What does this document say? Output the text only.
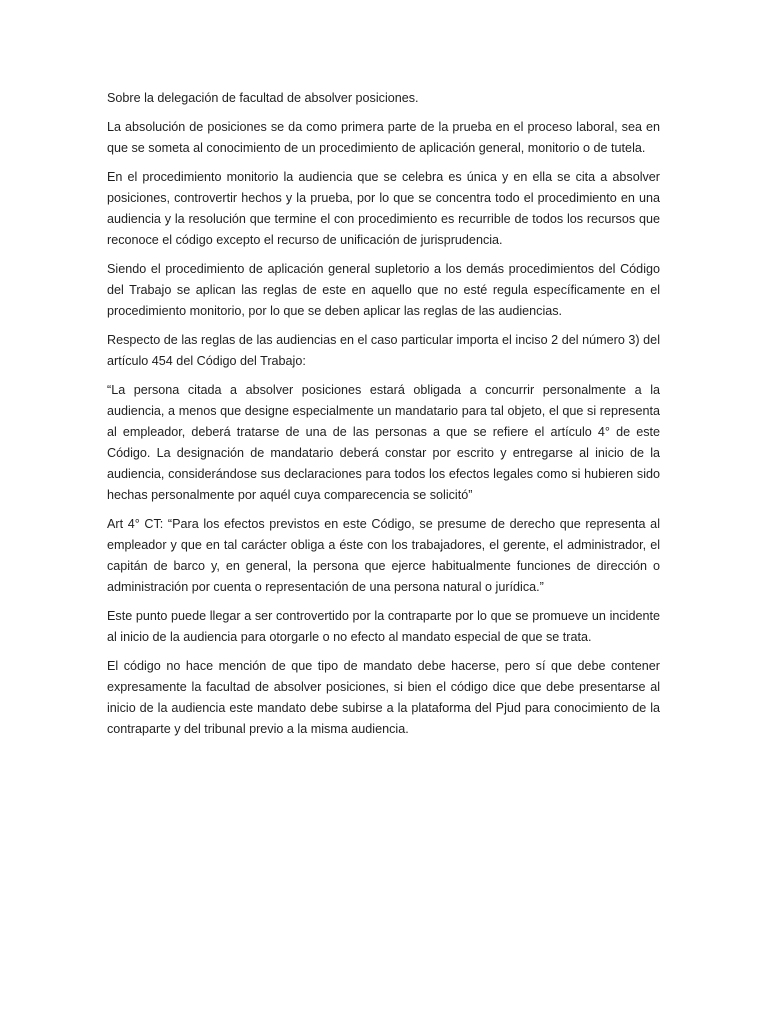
Sobre la delegación de facultad de absolver posiciones.

La absolución de posiciones se da como primera parte de la prueba en el proceso laboral, sea en que se someta al conocimiento de un procedimiento de aplicación general, monitorio o de tutela.

En el procedimiento monitorio la audiencia que se celebra es única y en ella se cita a absolver posiciones, controvertir hechos y la prueba, por lo que se concentra todo el procedimiento en una audiencia y la resolución que termine el con procedimiento es recurrible de todos los recursos que reconoce el código excepto el recurso de unificación de jurisprudencia.

Siendo el procedimiento de aplicación general supletorio a los demás procedimientos del Código del Trabajo se aplican las reglas de este en aquello que no esté regula específicamente en el procedimiento monitorio, por lo que se deben aplicar las reglas de las audiencias.

Respecto de las reglas de las audiencias en el caso particular importa el inciso 2 del número 3) del artículo 454 del Código del Trabajo:

“La persona citada a absolver posiciones estará obligada a concurrir personalmente a la audiencia, a menos que designe especialmente un mandatario para tal objeto, el que si representa al empleador, deberá tratarse de una de las personas a que se refiere el artículo 4° de este Código. La designación de mandatario deberá constar por escrito y entregarse al inicio de la audiencia, considerándose sus declaraciones para todos los efectos legales como si hubieren sido hechas personalmente por aquél cuya comparecencia se solicitó”

Art 4° CT: “Para los efectos previstos en este Código, se presume de derecho que representa al empleador y que en tal carácter obliga a éste con los trabajadores, el gerente, el administrador, el capitán de barco y, en general, la persona que ejerce habitualmente funciones de dirección o administración por cuenta o representación de una persona natural o jurídica.”

Este punto puede llegar a ser controvertido por la contraparte por lo que se promueve un incidente al inicio de la audiencia para otorgarle o no efecto al mandato especial de que se trata.

El código no hace mención de que tipo de mandato debe hacerse, pero sí que debe contener expresamente la facultad de absolver posiciones, si bien el código dice que debe presentarse al inicio de la audiencia este mandato debe subirse a la plataforma del Pjud para conocimiento de la contraparte y del tribunal previo a la misma audiencia.
